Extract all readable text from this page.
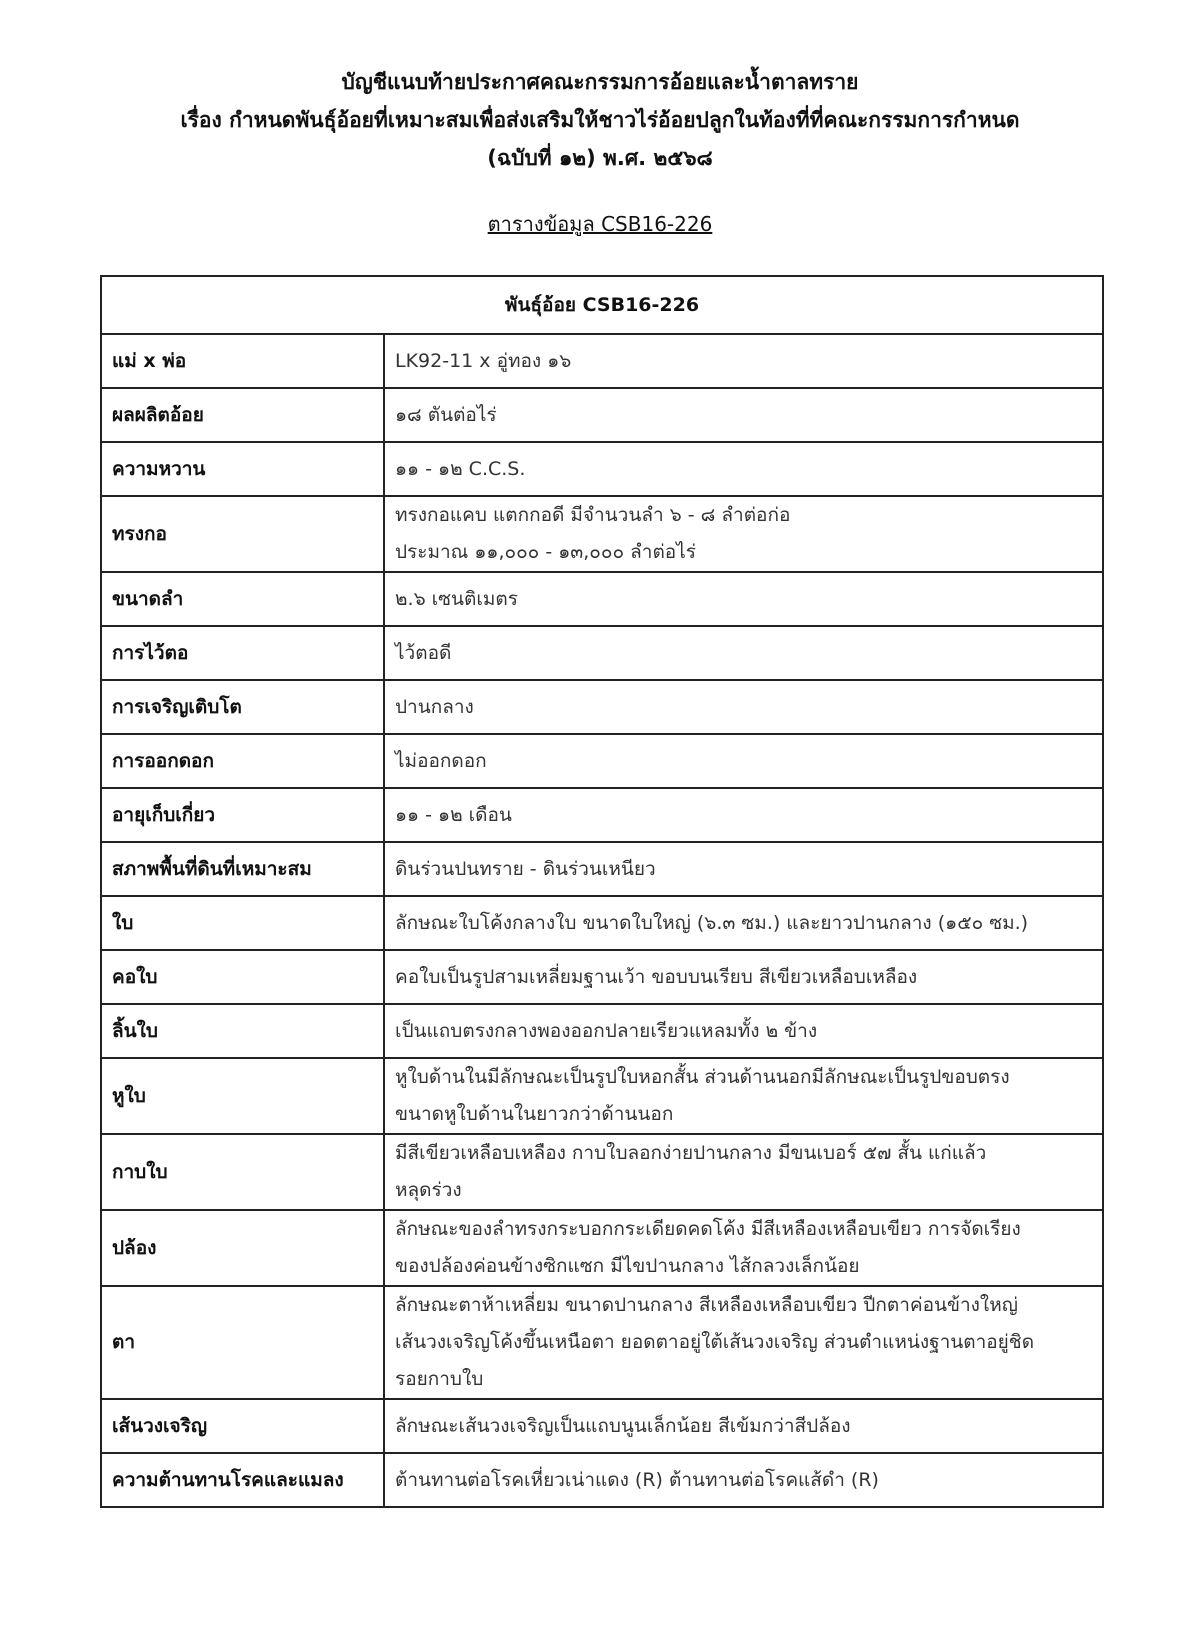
บัญชีแนบท้ายประกาศคณะกรรมการอ้อยและน้ำตาลทราย
เรื่อง กำหนดพันธุ์อ้อยที่เหมาะสมเพื่อส่งเสริมให้ชาวไร่อ้อยปลูกในท้องที่ที่คณะกรรมการกำหนด
(ฉบับที่ ๑๒) พ.ศ. ๒๕๖๘
ตารางข้อมูล CSB16-226
พันธุ์อ้อย CSB16-226	
แม่ x พ่อ	LK92-11 x อู่ทอง ๑๖

ผลผลิตอ้อย	๑๘ ตันต่อไร่

ความหวาน	๑๑ - ๑๒ C.C.S.

ทรงกอ	ทรงกอแคบ แตกกอดี มีจำนวนลำ ๖ - ๘ ลำต่อก่อ
ประมาณ ๑๑,๐๐๐ - ๑๓,๐๐๐ ลำต่อไร่

ขนาดลำ	๒.๖ เซนติเมตร

การไว้ตอ	ไว้ตอดี

การเจริญเติบโต	ปานกลาง

การออกดอก	ไม่ออกดอก

อายุเก็บเกี่ยว	๑๑ - ๑๒ เดือน

สภาพพื้นที่ดินที่เหมาะสม	ดินร่วนปนทราย - ดินร่วนเหนียว

ใบ	ลักษณะใบโค้งกลางใบ ขนาดใบใหญ่ (๖.๓ ซม.) และยาวปานกลาง (๑๕๐ ซม.)

คอใบ	คอใบเป็นรูปสามเหลี่ยมฐานเว้า ขอบบนเรียบ สีเขียวเหลือบเหลือง

ลิ้นใบ	เป็นแถบตรงกลางพองออกปลายเรียวแหลมทั้ง ๒ ข้าง

หูใบ	หูใบด้านในมีลักษณะเป็นรูปใบหอกสั้น ส่วนด้านนอกมีลักษณะเป็นรูปขอบตรง
ขนาดหูใบด้านในยาวกว่าด้านนอก

กาบใบ	มีสีเขียวเหลือบเหลือง กาบใบลอกง่ายปานกลาง มีขนเบอร์ ๕๗ สั้น แก่แล้ว
หลุดร่วง

ปล้อง	ลักษณะของลำทรงกระบอกกระเดียดคดโค้ง มีสีเหลืองเหลือบเขียว การจัดเรียง
ของปล้องค่อนข้างซิกแซก มีไขปานกลาง ไส้กลวงเล็กน้อย

ตา	ลักษณะตาห้าเหลี่ยม ขนาดปานกลาง สีเหลืองเหลือบเขียว ปีกตาค่อนข้างใหญ่
เส้นวงเจริญโค้งขึ้นเหนือตา ยอดตาอยู่ใต้เส้นวงเจริญ ส่วนตำแหน่งฐานตาอยู่ชิด
รอยกาบใบ

เส้นวงเจริญ	ลักษณะเส้นวงเจริญเป็นแถบนูนเล็กน้อย สีเข้มกว่าสีปล้อง

ความต้านทานโรคและแมลง	ต้านทานต่อโรคเหี่ยวเน่าแดง (R) ต้านทานต่อโรคแส้ดำ (R)
